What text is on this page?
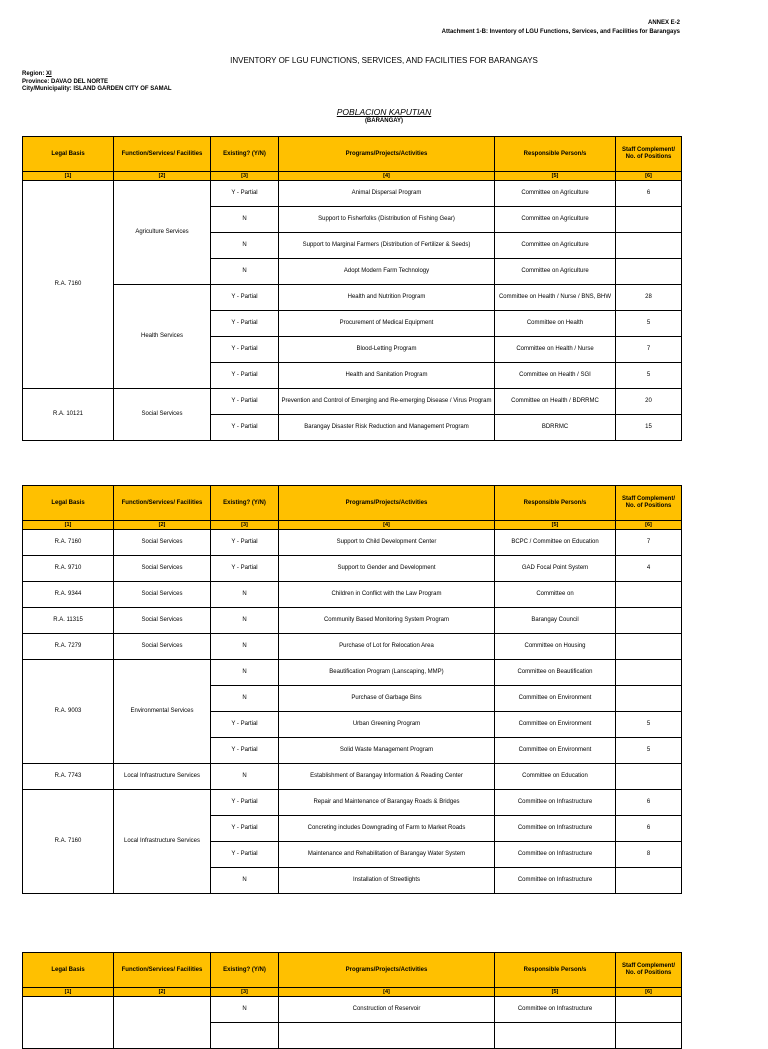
ANNEX E-2
Attachment 1-B: Inventory of LGU Functions, Services, and Facilities for Barangays
INVENTORY OF LGU FUNCTIONS, SERVICES, AND FACILITIES FOR BARANGAYS
Region: XI
Province: DAVAO DEL NORTE
City/Municipality: ISLAND GARDEN CITY OF SAMAL
POBLACION KAPUTIAN
(BARANGAY)
Legal Basis	Function/Services/ Facilities	Existing? (Y/N)	Programs/Projects/Activities	Responsible Person/s	Staff Complement/ No. of Positions
[1]	[2]	[3]	[4]	[5]	[6]
R.A. 7160	Agriculture Services	Y - Partial	Animal Dispersal Program	Committee on Agriculture	6
		N	Support to Fisherfolks (Distribution of Fishing Gear)	Committee on Agriculture	
		N	Support to Marginal Farmers (Distribution of Fertilizer & Seeds)	Committee on Agriculture	
		N	Adopt Modern Farm Technology	Committee on Agriculture	
	Health Services	Y - Partial	Health and Nutrition Program	Committee on Health / Nurse / BNS, BHW	28
		Y - Partial	Procurement of Medical Equipment	Committee on Health	5
		Y - Partial	Blood-Letting Program	Committee on Health / Nurse	7
		Y - Partial	Health and Sanitation Program	Committee on Health / SGI	5
R.A. 10121	Social Services	Y - Partial	Prevention and Control of Emerging and Re-emerging Disease / Virus Program	Committee on Health / BDRRMC	20
		Y - Partial	Barangay Disaster Risk Reduction and Management Program	BDRRMC	15
Legal Basis	Function/Services/ Facilities	Existing? (Y/N)	Programs/Projects/Activities	Responsible Person/s	Staff Complement/ No. of Positions
[1]	[2]	[3]	[4]	[5]	[6]
R.A. 7160	Social Services	Y - Partial	Support to Child Development Center	BCPC / Committee on Education	7
R.A. 9710	Social Services	Y - Partial	Support to Gender and Development	GAD Focal Point System	4
R.A. 9344	Social Services	N	Children in Conflict with the Law Program	Committee on	
R.A. 11315	Social Services	N	Community Based Monitoring System Program	Barangay Council	
R.A. 7279	Social Services	N	Purchase of Lot for Relocation Area	Committee on Housing	
R.A. 9003	Environmental Services	N	Beautification Program (Lanscaping, MMP)	Committee on Beautification	
		N	Purchase of Garbage Bins	Committee on Environment	
		Y - Partial	Urban Greening Program	Committee on Environment	5
		Y - Partial	Solid Waste Management Program	Committee on Environment	5
R.A. 7743	Local Infrastructure Services	N	Establishment of Barangay Information & Reading Center	Committee on Education	
R.A. 7160	Local Infrastructure Services	Y - Partial	Repair and Maintenance of Barangay Roads & Bridges	Committee on Infrastructure	6
		Y - Partial	Concreting includes Downgrading of Farm to Market Roads	Committee on Infrastructure	6
		Y - Partial	Maintenance and Rehabilitation of Barangay Water System	Committee on Infrastructure	8
		N	Installation of Streetlights	Committee on Infrastructure	
Legal Basis	Function/Services/ Facilities	Existing? (Y/N)	Programs/Projects/Activities	Responsible Person/s	Staff Complement/ No. of Positions
[1]	[2]	[3]	[4]	[5]	[6]
		N	Construction of Reservoir	Committee on Infrastructure	
